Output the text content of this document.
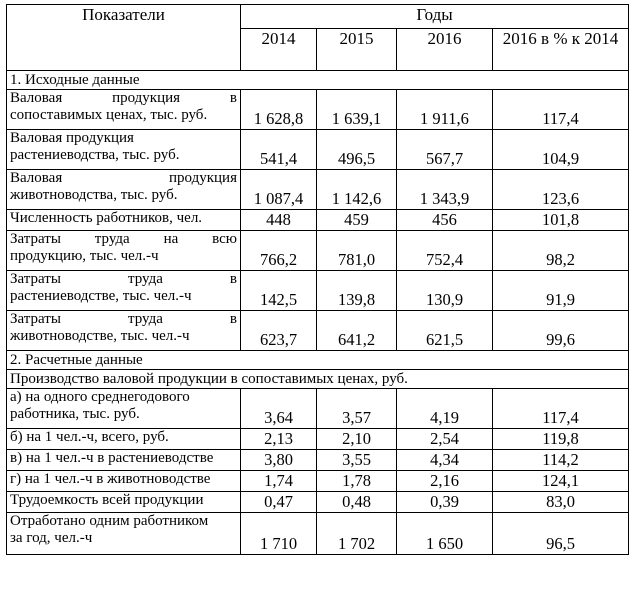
Показатели	Годы			
	2014	2015	2016	2016 в % к 2014
1. Исходные данные				

Валовая продукция в
сопоставимых ценах, тыс. руб.	1 628,8	1 639,1	1 911,6	117,4

Валовая продукция
растениеводства, тыс. руб.	541,4	496,5	567,7	104,9

Валовая продукция
животноводства, тыс. руб.	1 087,4	1 142,6	1 343,9	123,6
Численность работников, чел.	448	459	456	101,8

Затраты труда на всю
продукцию, тыс. чел.-ч	766,2	781,0	752,4	98,2

Затраты труда в
растениеводстве, тыс. чел.-ч	142,5	139,8	130,9	91,9

Затраты труда в
животноводстве, тыс. чел.-ч	623,7	641,2	621,5	99,6
2. Расчетные данные				
Производство валовой продукции в сопоставимых ценах, руб.				

а) на одного среднегодового
работника, тыс. руб.	3,64	3,57	4,19	117,4
б) на 1 чел.-ч, всего, руб.	2,13	2,10	2,54	119,8
в) на 1 чел.-ч в растениеводстве	3,80	3,55	4,34	114,2
г) на 1 чел.-ч в животноводстве	1,74	1,78	2,16	124,1
Трудоемкость всей продукции	0,47	0,48	0,39	83,0

Отработано одним работником
за год, чел.-ч	1 710	1 702	1 650	96,5
